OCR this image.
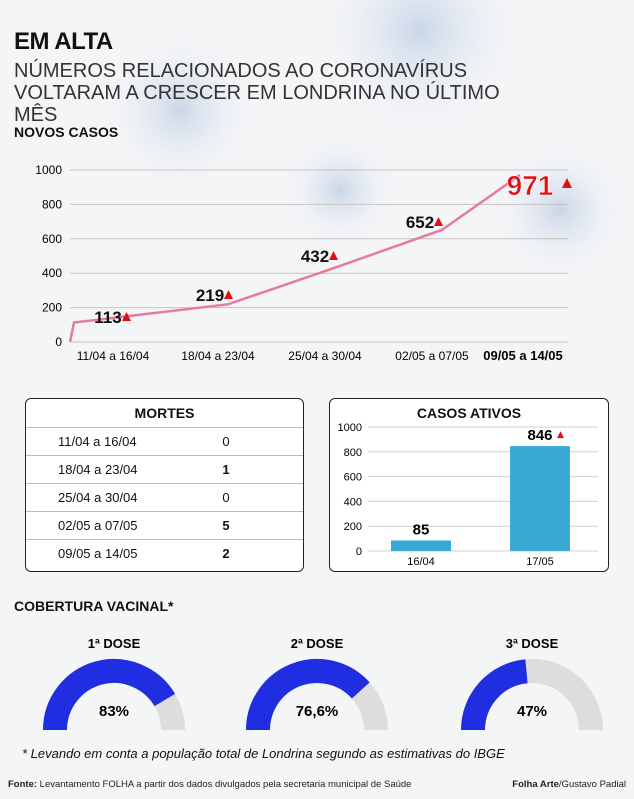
EM ALTA
NÚMEROS RELACIONADOS AO CORONAVÍRUS VOLTARAM A CRESCER EM LONDRINA NO ÚLTIMO MÊS
NOVOS CASOS
0
200
400
600
800
1000
11/04 a 16/04	18/04 a 23/04	25/04 a 30/04	02/05 a 07/05 09/05 a 14/05
113
219
432
652
971
MORTES
11/04 a 16/04	0
18/04 a 23/04	1
25/04 a 30/04	0
02/05 a 07/05	5
09/05 a 14/05	2
CASOS ATIVOS
0
200
400
600
800
1000
85
16/04
846
17/05
COBERTURA VACINAL*
1ª DOSE
83%
2ª DOSE
76,6%
3ª DOSE
47%
* Levando em conta a população total de Londrina segundo as estimativas do IBGE
Fonte: Levantamento FOLHA a partir dos dados divulgados pela secretaria municipal de Saúde	Folha Arte/Gustavo Padial
